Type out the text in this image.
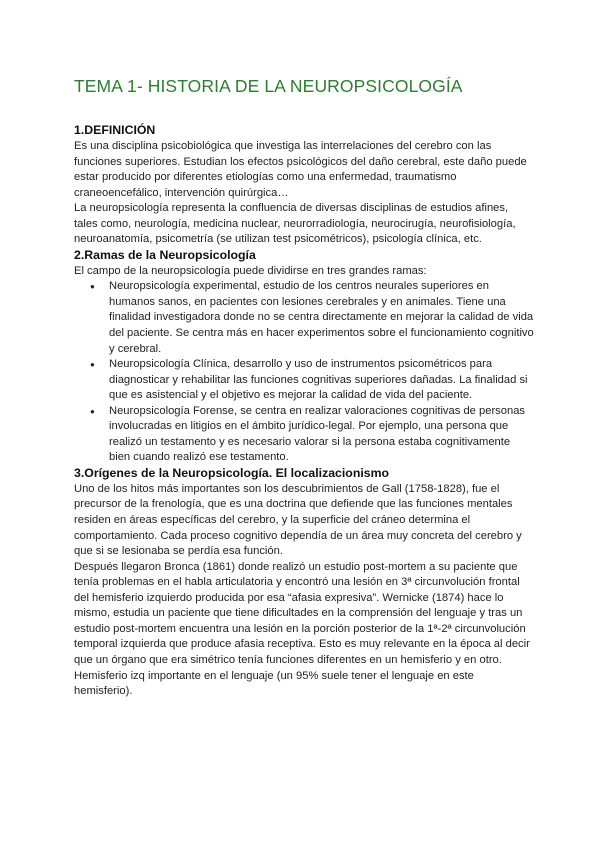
TEMA 1- HISTORIA DE LA NEUROPSICOLOGÍA
1.DEFINICIÓN

Es una disciplina psicobiológica que investiga las interrelaciones del cerebro con las funciones superiores. Estudian los efectos psicológicos del daño cerebral, este daño puede estar producido por diferentes etiologías como una enfermedad, traumatismo craneoencefálico, intervención quirúrgica…

La neuropsicología representa la confluencia de diversas disciplinas de estudios afines, tales como, neurología, medicina nuclear, neurorradiología, neurocirugía, neurofisiología, neuroanatomía, psicometría (se utilizan test psicométricos), psicología clínica, etc.

2.Ramas de la Neuropsicología

El campo de la neuropsicología puede dividirse en tres grandes ramas:

● Neuropsicología experimental, estudio de los centros neurales superiores en humanos sanos, en pacientes con lesiones cerebrales y en animales. Tiene una finalidad investigadora donde no se centra directamente en mejorar la calidad de vida del paciente. Se centra más en hacer experimentos sobre el funcionamiento cognitivo y cerebral.
● Neuropsicología Clínica, desarrollo y uso de instrumentos psicométricos para diagnosticar y rehabilitar las funciones cognitivas superiores dañadas. La finalidad si que es asistencial y el objetivo es mejorar la calidad de vida del paciente.
● Neuropsicología Forense, se centra en realizar valoraciones cognitivas de personas involucradas en litigios en el ámbito jurídico-legal. Por ejemplo, una persona que realizó un testamento y es necesario valorar si la persona estaba cognitivamente bien cuando realizó ese testamento.
3.Orígenes de la Neuropsicología. El localizacionismo

Uno de los hitos más importantes son los descubrimientos de Gall (1758-1828), fue el precursor de la frenología, que es una doctrina que defiende que las funciones mentales residen en áreas específicas del cerebro, y la superficie del cráneo determina el comportamiento. Cada proceso cognitivo dependía de un área muy concreta del cerebro y que si se lesionaba se perdía esa función.

Después llegaron Bronca (1861) donde realizó un estudio post-mortem a su paciente que tenía problemas en el habla articulatoria y encontró una lesión en 3ª circunvolución frontal del hemisferio izquierdo producida por esa “afasia expresiva”. Wernicke (1874) hace lo mismo, estudia un paciente que tiene dificultades en la comprensión del lenguaje y tras un estudio post-mortem encuentra una lesión en la porción posterior de la 1ª-2ª circunvolución temporal izquierda que produce afasia receptiva. Esto es muy relevante en la época al decir que un órgano que era simétrico tenía funciones diferentes en un hemisferio y en otro. Hemisferio izq importante en el lenguaje (un 95% suele tener el lenguaje en este hemisferio).
